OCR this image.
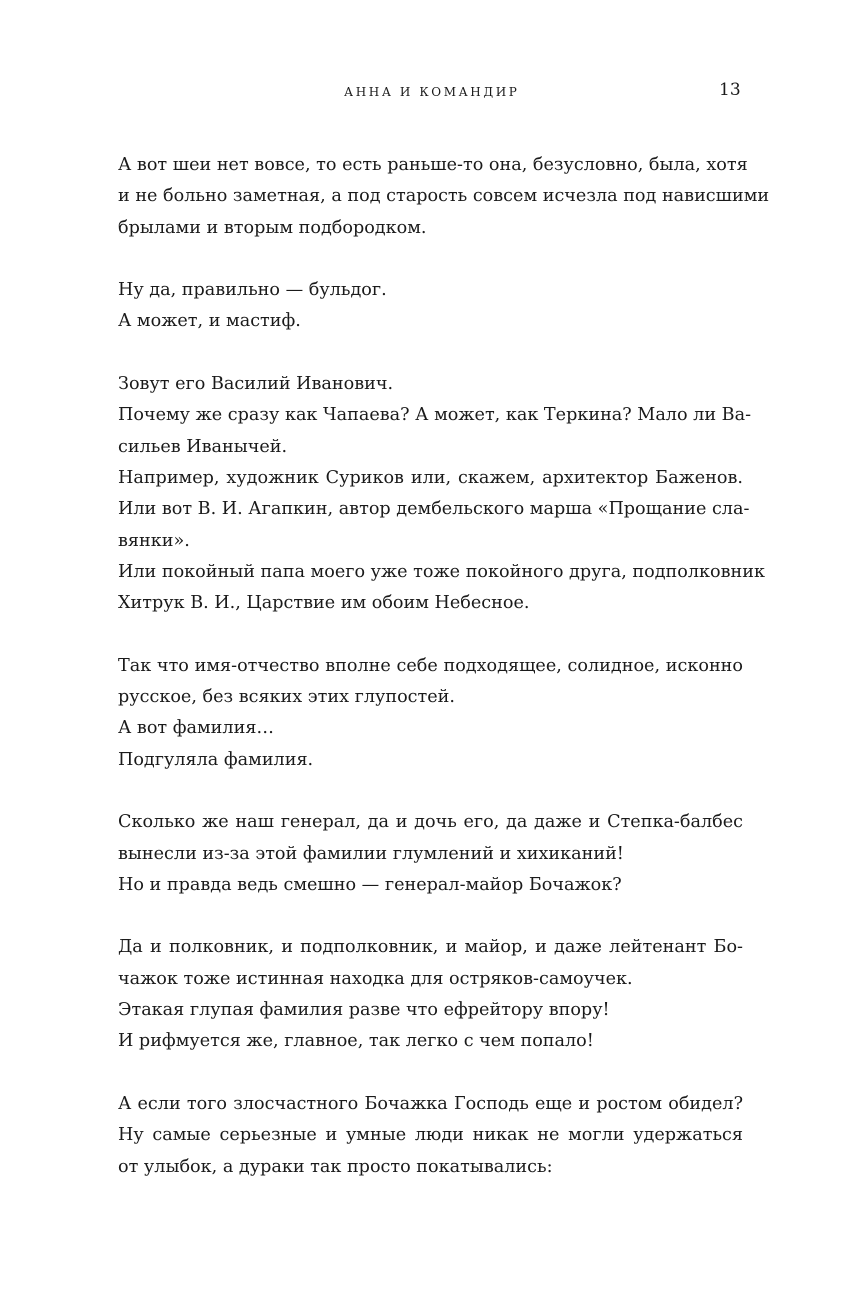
АННА И КОМАНДИР	13
А вот шеи нет вовсе, то есть раньше-то она, безусловно, была, хотя
и не больно заметная, а под старость совсем исчезла под нависшими
брылами и вторым подбородком.
Ну да, правильно — бульдог.
А может, и мастиф.
Зовут его Василий Иванович.
Почему же сразу как Чапаева? А может, как Теркина? Мало ли Ва-
сильев Иванычей.
Например, художник Суриков или, скажем, архитектор Баженов.
Или вот В. И. Агапкин, автор дембельского марша «Прощание сла-
вянки».
Или покойный папа моего уже тоже покойного друга, подполковник
Хитрук В. И., Царствие им обоим Небесное.
Так что имя-отчество вполне себе подходящее, солидное, исконно
русское, без всяких этих глупостей.
А вот фамилия…
Подгуляла фамилия.
Сколько же наш генерал, да и дочь его, да даже и Степка-балбес
вынесли из-за этой фамилии глумлений и хихиканий!
Но и правда ведь смешно — генерал-майор Бочажок?
Да и полковник, и подполковник, и майор, и даже лейтенант Бо-
чажок тоже истинная находка для остряков-самоучек.
Этакая глупая фамилия разве что ефрейтору впору!
И рифмуется же, главное, так легко с чем попало!
А если того злосчастного Бочажка Господь еще и ростом обидел?
Ну самые серьезные и умные люди никак не могли удержаться
от улыбок, а дураки так просто покатывались:
